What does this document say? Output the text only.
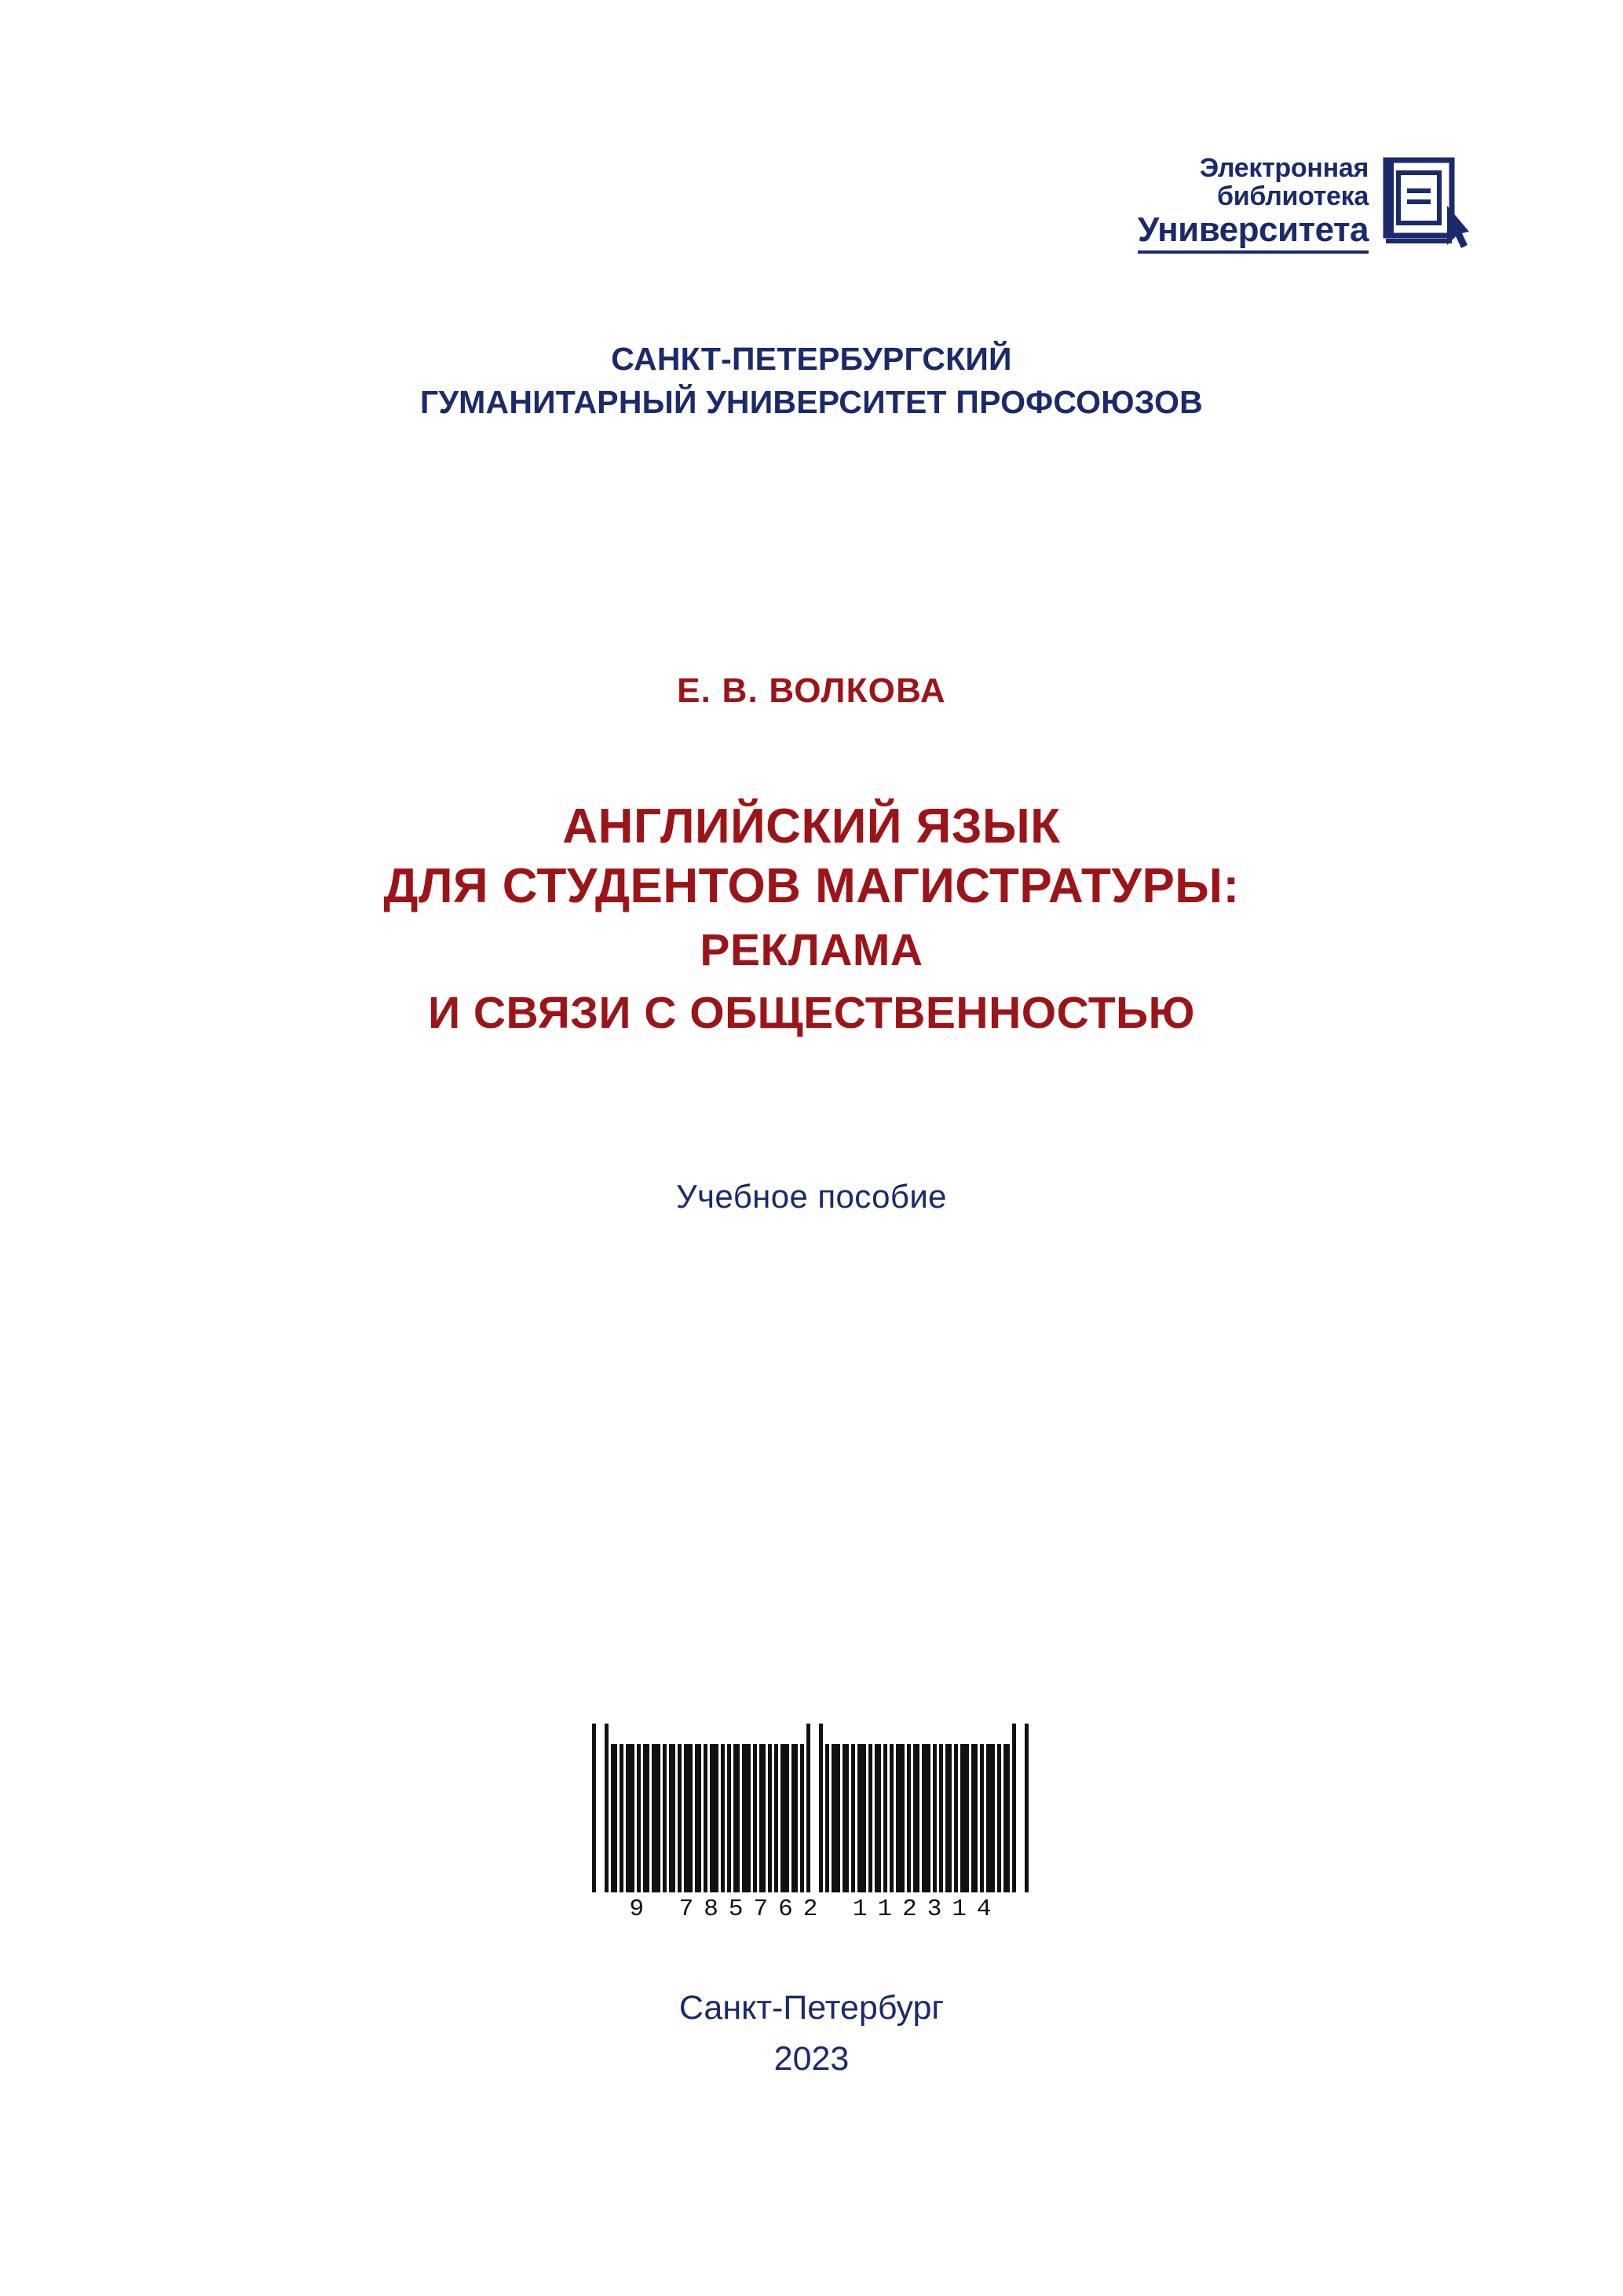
Электронная
библиотека
Университета
САНКТ-ПЕТЕРБУРГСКИЙ
ГУМАНИТАРНЫЙ УНИВЕРСИТЕТ ПРОФСОЮЗОВ
Е. В. ВОЛКОВА
АНГЛИЙСКИЙ ЯЗЫК
ДЛЯ СТУДЕНТОВ МАГИСТРАТУРЫ:
РЕКЛАМА
И СВЯЗИ С ОБЩЕСТВЕННОСТЬЮ
Учебное пособие
9 785762 112314
Санкт-Петербург
2023
